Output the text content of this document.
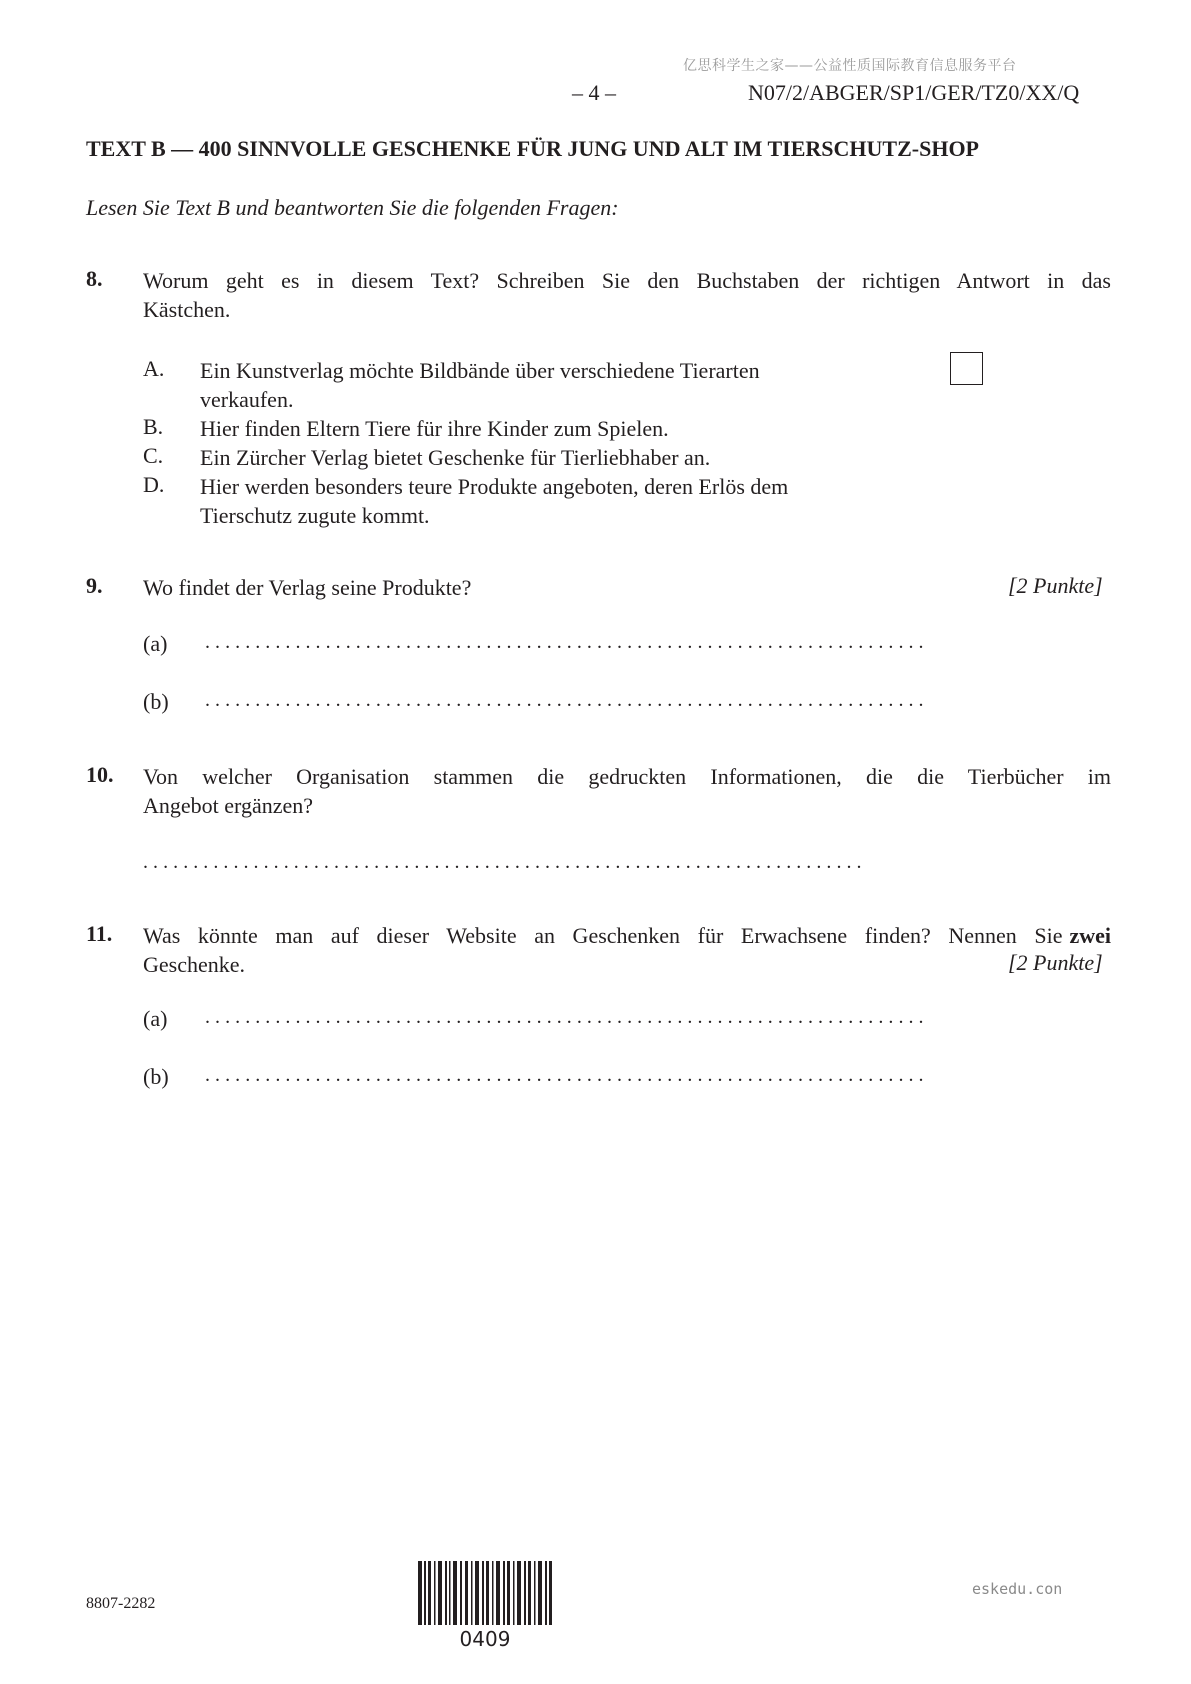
亿思科学生之家——公益性质国际教育信息服务平台
– 4 –	N07/2/ABGER/SP1/GER/TZ0/XX/Q
TEXT B — 400 SINNVOLLE GESCHENKE FÜR JUNG UND ALT IM TIERSCHUTZ-SHOP
Lesen Sie Text B und beantworten Sie die folgenden Fragen:
8. Worum geht es in diesem Text? Schreiben Sie den Buchstaben der richtigen Antwort in das
Kästchen.
A. Ein Kunstverlag möchte Bildbände über verschiedene Tierarten
verkaufen.
B. Hier finden Eltern Tiere für ihre Kinder zum Spielen.
C. Ein Zürcher Verlag bietet Geschenke für Tierliebhaber an.
D. Hier werden besonders teure Produkte angeboten, deren Erlös dem
Tierschutz zugute kommt.
9. Wo findet der Verlag seine Produkte?	[2 Punkte]
(a) ........................................................................
(b) ........................................................................
10. Von welcher Organisation stammen die gedruckten Informationen, die die Tierbücher im
Angebot ergänzen?
........................................................................
11. Was könnte man auf dieser Website an Geschenken für Erwachsene finden? Nennen Sie zwei
Geschenke.	[2 Punkte]
(a) ........................................................................
(b) ........................................................................
8807-2282
0409
eskedu.con
